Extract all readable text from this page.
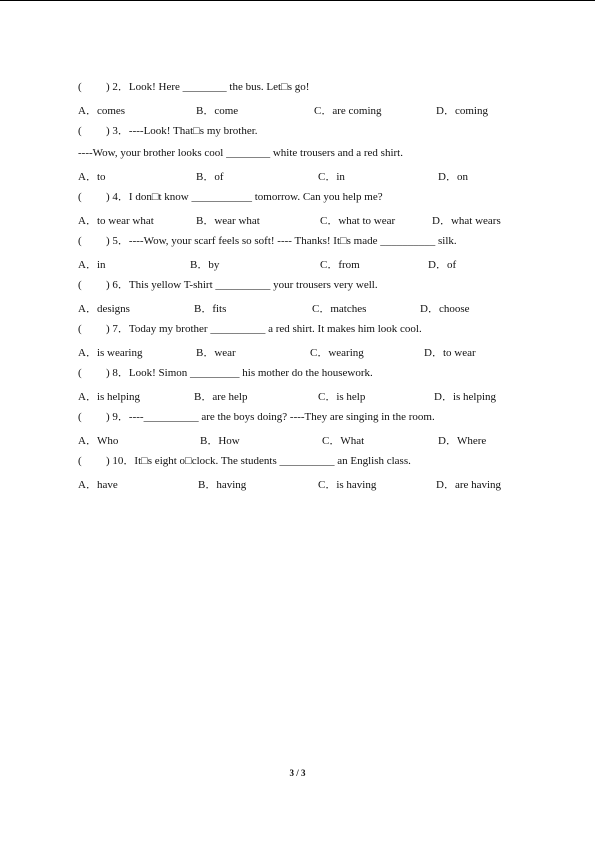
(	) 2．Look! Here ________ the bus. Let□s go!
A．comes	B．come	C．are coming	D．coming
(	) 3．----Look! That□s my brother.
----Wow, your brother looks cool ________ white trousers and a red shirt.
A．to	B．of	C．in	D．on
(	) 4．I don□t know ___________ tomorrow. Can you help me?
A．to wear what	B．wear what	C．what to wear	D．what wears
(	) 5．----Wow, your scarf feels so soft! ---- Thanks! It□s made __________ silk.
A．in	B．by	C．from	D．of
(	) 6．This yellow T-shirt __________ your trousers very well.
A．designs	B．fits	C．matches	D．choose
(	) 7．Today my brother __________ a red shirt. It makes him look cool.
A．is wearing	B．wear	C．wearing	D．to wear
(	) 8．Look! Simon _________ his mother do the housework.
A．is helping	B．are help	C．is help	D．is helping
(	) 9．----__________ are the boys doing? ----They are singing in the room.
A．Who	B．How	C．What	D．Where
(	) 10．It□s eight o□clock. The students __________ an English class.
A．have	B．having	C．is having	D．are having
3 / 3
